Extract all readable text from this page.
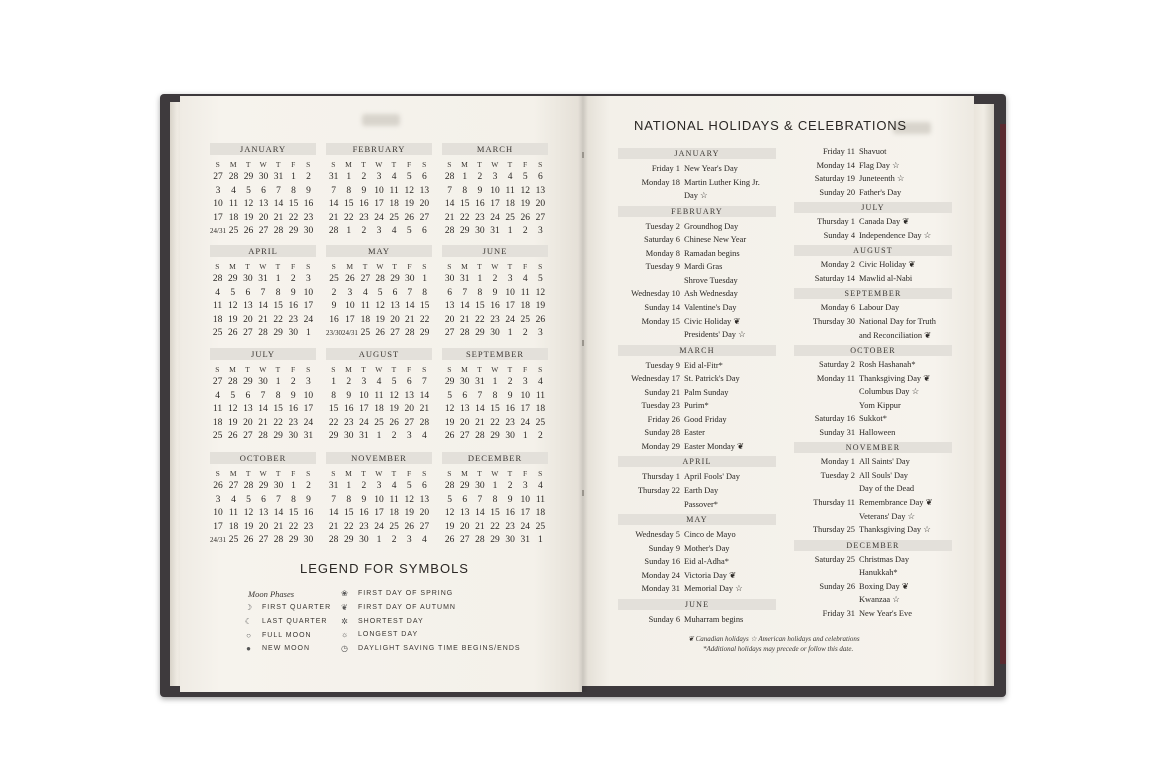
JANUARY
S	M	T	W	T	F	S
27 28 29 30 31 1	2
3	4	5	6	7	8	9
10 11 12 13 14 15 16
17 18 19 20 21 22 23
24/31 25 26 27 28 29 30
FEBRUARY
S	M	T	W	T	F	S
31 1	2	3	4	5	6
7	8	9 10 11 12 13
14 15 16 17 18 19 20
21 22 23 24 25 26 27
28 1	2	3	4	5	6
MARCH
S	M	T	W	T	F	S
28 1	2	3	4	5	6
7	8	9 10 11 12 13
14 15 16 17 18 19 20
21 22 23 24 25 26 27
28 29 30 31 1	2	3
APRIL
S	M	T	W	T	F	S
28 29 30 31 1	2	3
4	5	6	7	8	9 10
11 12 13 14 15 16 17
18 19 20 21 22 23 24
25 26 27 28 29 30 1
MAY
S	M	T	W	T	F	S
25 26 27 28 29 30 1
2	3	4	5	6	7	8
9 10 11 12 13 14 15
16 17 18 19 20 21 22
23/30 24/31 25 26 27 28 29
JUNE
S	M	T	W	T	F	S
30 31 1	2	3	4	5
6	7	8	9 10 11 12
13 14 15 16 17 18 19
20 21 22 23 24 25 26
27 28 29 30 1	2	3
JULY
S	M	T	W	T	F	S
27 28 29 30 1	2	3
4	5	6	7	8	9 10
11 12 13 14 15 16 17
18 19 20 21 22 23 24
25 26 27 28 29 30 31
AUGUST
S	M	T	W	T	F	S
1	2	3	4	5	6	7
8	9 10 11 12 13 14
15 16 17 18 19 20 21
22 23 24 25 26 27 28
29 30 31 1	2	3	4
SEPTEMBER
S	M	T	W	T	F	S
29 30 31 1	2	3	4
5	6	7	8	9 10 11
12 13 14 15 16 17 18
19 20 21 22 23 24 25
26 27 28 29 30 1	2
OCTOBER
S	M	T	W	T	F	S
26 27 28 29 30 1	2
3	4	5	6	7	8	9
10 11 12 13 14 15 16
17 18 19 20 21 22 23
24/31 25 26 27 28 29 30
NOVEMBER
S	M	T	W	T	F	S
31 1	2	3	4	5	6
7	8	9 10 11 12 13
14 15 16 17 18 19 20
21 22 23 24 25 26 27
28 29 30 1	2	3	4
DECEMBER
S	M	T	W	T	F	S
28 29 30 1	2	3	4
5	6	7	8	9 10 11
12 13 14 15 16 17 18
19 20 21 22 23 24 25
26 27 28 29 30 31 1
LEGEND FOR SYMBOLS
Moon Phases
☽ FIRST QUARTER
☾ LAST QUARTER
○ FULL MOON
● NEW MOON
❀ FIRST DAY OF SPRING
❦ FIRST DAY OF AUTUMN
✲ SHORTEST DAY
☼ LONGEST DAY
◷ DAYLIGHT SAVING TIME BEGINS/ENDS
NATIONAL HOLIDAYS & CELEBRATIONS
JANUARY
Friday 1 New Year's Day
Monday 18 Martin Luther King Jr.
Day ☆
FEBRUARY
Tuesday 2 Groundhog Day
Saturday 6 Chinese New Year
Monday 8 Ramadan begins
Tuesday 9 Mardi Gras
Shrove Tuesday
Wednesday 10 Ash Wednesday
Sunday 14 Valentine's Day
Monday 15 Civic Holiday ❦
Presidents' Day ☆
MARCH
Tuesday 9 Eid al-Fitr*
Wednesday 17 St. Patrick's Day
Sunday 21 Palm Sunday
Tuesday 23 Purim*
Friday 26 Good Friday
Sunday 28 Easter
Monday 29 Easter Monday ❦
APRIL
Thursday 1 April Fools' Day
Thursday 22 Earth Day
Passover*
MAY
Wednesday 5 Cinco de Mayo
Sunday 9 Mother's Day
Sunday 16 Eid al-Adha*
Monday 24 Victoria Day ❦
Monday 31 Memorial Day ☆
JUNE
Sunday 6 Muharram begins
Friday 11 Shavuot
Monday 14 Flag Day ☆
Saturday 19 Juneteenth ☆
Sunday 20 Father's Day
JULY
Thursday 1 Canada Day ❦
Sunday 4 Independence Day ☆
AUGUST
Monday 2 Civic Holiday ❦
Saturday 14 Mawlid al-Nabi
SEPTEMBER
Monday 6 Labour Day
Thursday 30 National Day for Truth
and Reconciliation ❦
OCTOBER
Saturday 2 Rosh Hashanah*
Monday 11 Thanksgiving Day ❦
Columbus Day ☆
Yom Kippur
Saturday 16 Sukkot*
Sunday 31 Halloween
NOVEMBER
Monday 1 All Saints' Day
Tuesday 2 All Souls' Day
Day of the Dead
Thursday 11 Remembrance Day ❦
Veterans' Day ☆
Thursday 25 Thanksgiving Day ☆
DECEMBER
Saturday 25 Christmas Day
Hanukkah*
Sunday 26 Boxing Day ❦
Kwanzaa ☆
Friday 31 New Year's Eve
❦ Canadian holidays ☆ American holidays and celebrations
*Additional holidays may precede or follow this date.
